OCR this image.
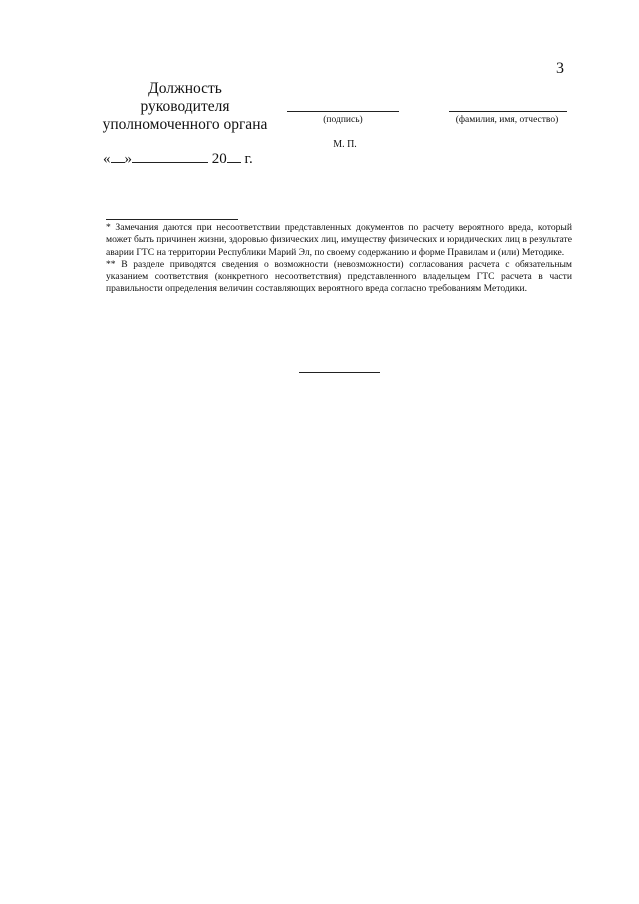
3
Должность
руководителя
уполномоченного органа	(подпись)	(фамилия, имя, отчество)
М. П.
« »	20 г.

* Замечания даются при несоответствии представленных документов по расчету вероятного вреда, который может быть причинен жизни, здоровью физических лиц, имуществу физических и юридических лиц в результате аварии ГТС на территории Республики Марий Эл, по своему содержанию и форме Правилам и (или) Методике.

** В разделе приводятся сведения о возможности (невозможности) согласования расчета с обязательным указанием соответствия (конкретного несоответствия) представленного владельцем ГТС расчета в части правильности определения величин составляющих вероятного вреда согласно требованиям Методики.
